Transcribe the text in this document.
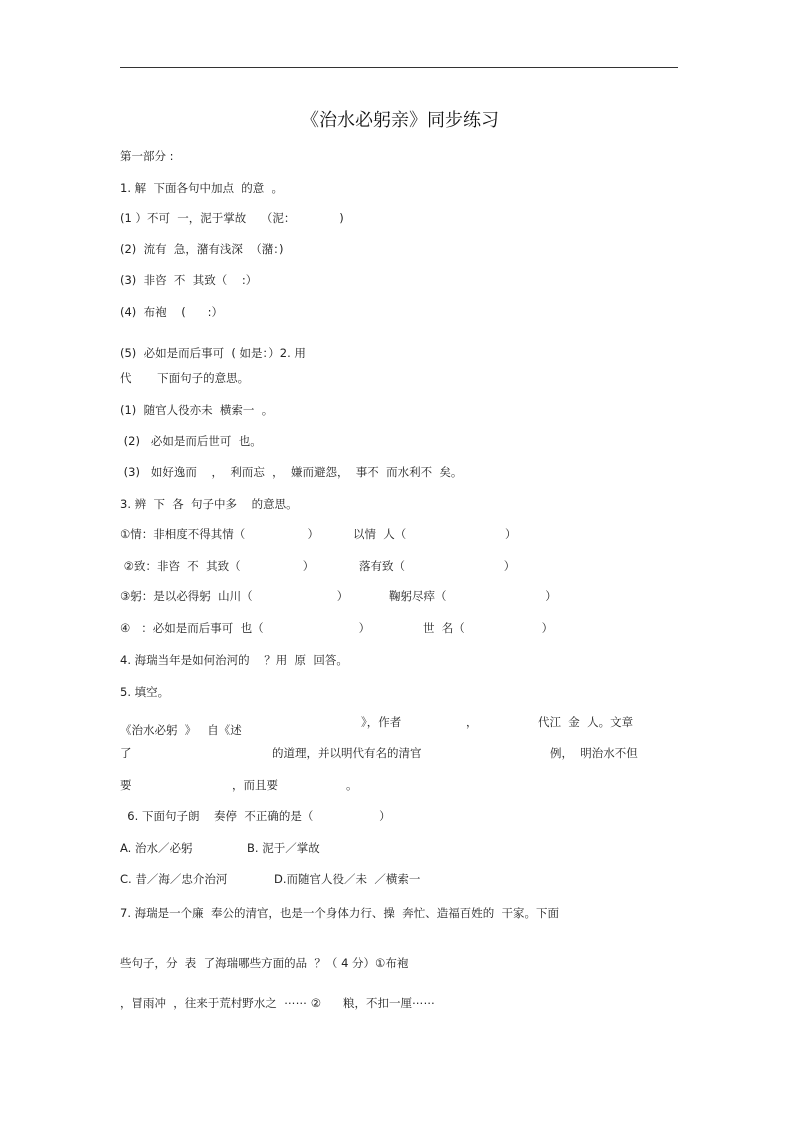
《治水必躬亲》同步练习
第一部分 :
1. 解  下面各句中加点  的意  。
(1 ）不可  一，泥于掌故    （泥：            )
(2)  流有  急，潴有浅深  （潴：)
(3)  非咨  不  其致（    :）
(4)  布袍    (      :）
(5)  必如是而后事可  ( 如是：）2. 用
代       下面句子的意思。
(1)  随官人役亦未  横索一  。
(2)   必如是而后世可  也。
(3)   如好逸而    ，  利而忘  ，  嫌而避怨，  事不  而水利不  矣。
3. 辨  下  各  句子中多    的意思。
①情：非相度不得其情（                 ）	以情  人（                           ）
②致：非咨  不  其致（                 ）	落有致（                           ）
③躬：是以必得躬  山川（                       ）	鞠躬尽瘁（                           ）
④   ：必如是而后事可  也（                          ）	世  名（                     ）
4. 海瑞当年是如何治河的    ？用  原  回答。
5. 填空。
《治水必躬  》   自《述
》，作者	，	代江  金  人。文章
了	的道理，并以明代有名的清官	例，  明治水不但
要	，而且要	。
6. 下面句子朗    奏停  不正确的是（                  ）
A. 治水／必躬	B. 泥于／掌故
C. 昔／海／忠介治河	D.而随官人役／未  ／横索一
7. 海瑞是一个廉  奉公的清官，也是一个身体力行、操  奔忙、造福百姓的  干家。下面
些句子，分  表  了海瑞哪些方面的品  ？（ 4 分）①布袍
，冒雨冲  ，往来于荒村野水之  ⋯⋯ ②      粮，不扣一厘⋯⋯
